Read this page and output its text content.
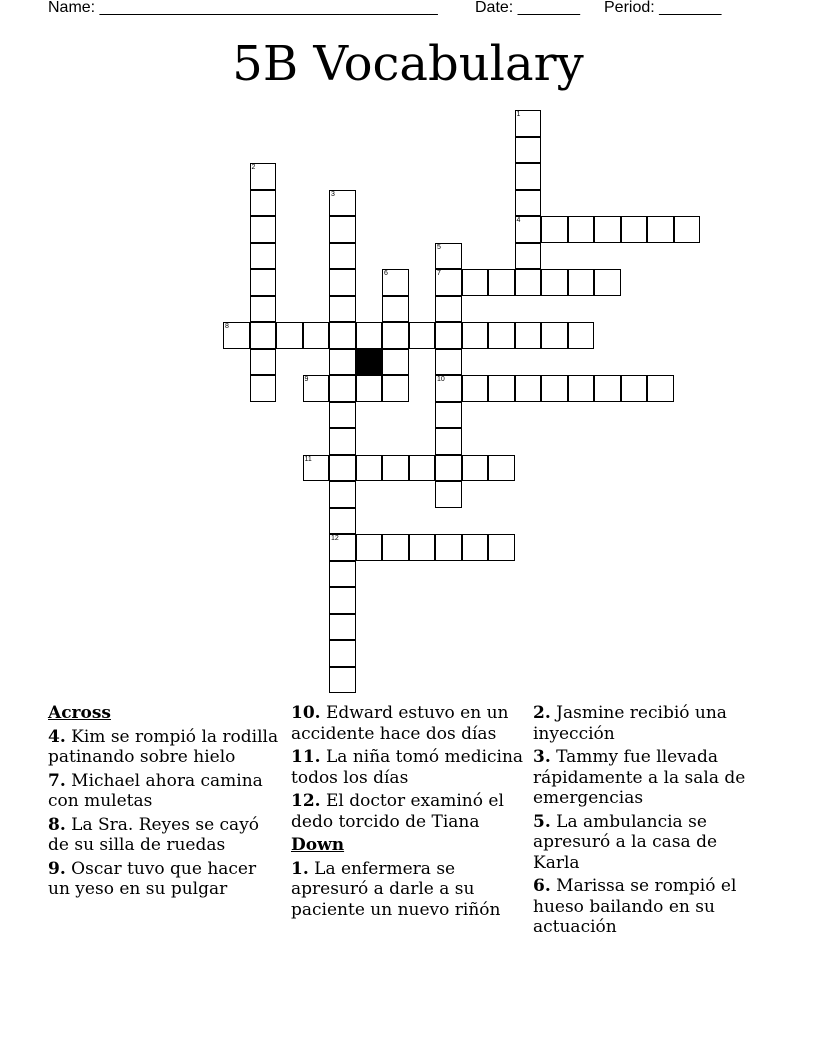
Name: ______________________________________ Date: _______ Period: _______
5B Vocabulary
1
4
2
3
12
5
7
10
6
8
9
11
Across
4. Kim se rompió la rodilla patinando sobre hielo
7. Michael ahora camina con muletas
8. La Sra. Reyes se cayó de su silla de ruedas
9. Oscar tuvo que hacer un yeso en su pulgar
10. Edward estuvo en un accidente hace dos días
11. La niña tomó medicina todos los días
12. El doctor examinó el dedo torcido de Tiana
Down
1. La enfermera se apresuró a darle a su paciente un nuevo riñón
2. Jasmine recibió una inyección
3. Tammy fue llevada rápidamente a la sala de emergencias
5. La ambulancia se apresuró a la casa de Karla
6. Marissa se rompió el hueso bailando en su actuación
